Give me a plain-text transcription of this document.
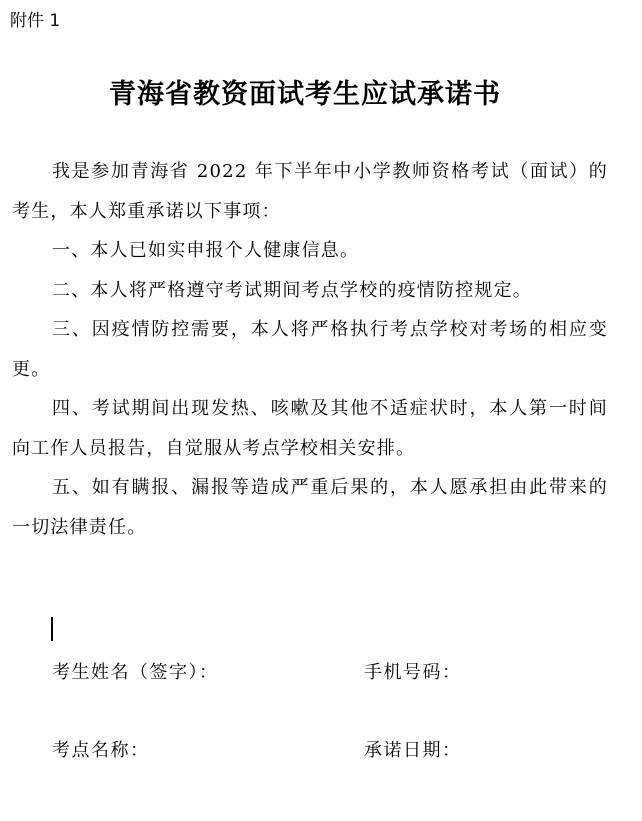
附件 1
青海省教资面试考生应试承诺书

我是参加青海省 2022 年下半年中小学教师资格考试（面试）的考生，本人郑重承诺以下事项：

一、本人已如实申报个人健康信息。

二、本人将严格遵守考试期间考点学校的疫情防控规定。

三、因疫情防控需要，本人将严格执行考点学校对考场的相应变更。

四、考试期间出现发热、咳嗽及其他不适症状时，本人第一时间向工作人员报告，自觉服从考点学校相关安排。

五、如有瞒报、漏报等造成严重后果的，本人愿承担由此带来的一切法律责任。

考生姓名（签字）：	手机号码：
考点名称：	承诺日期：
